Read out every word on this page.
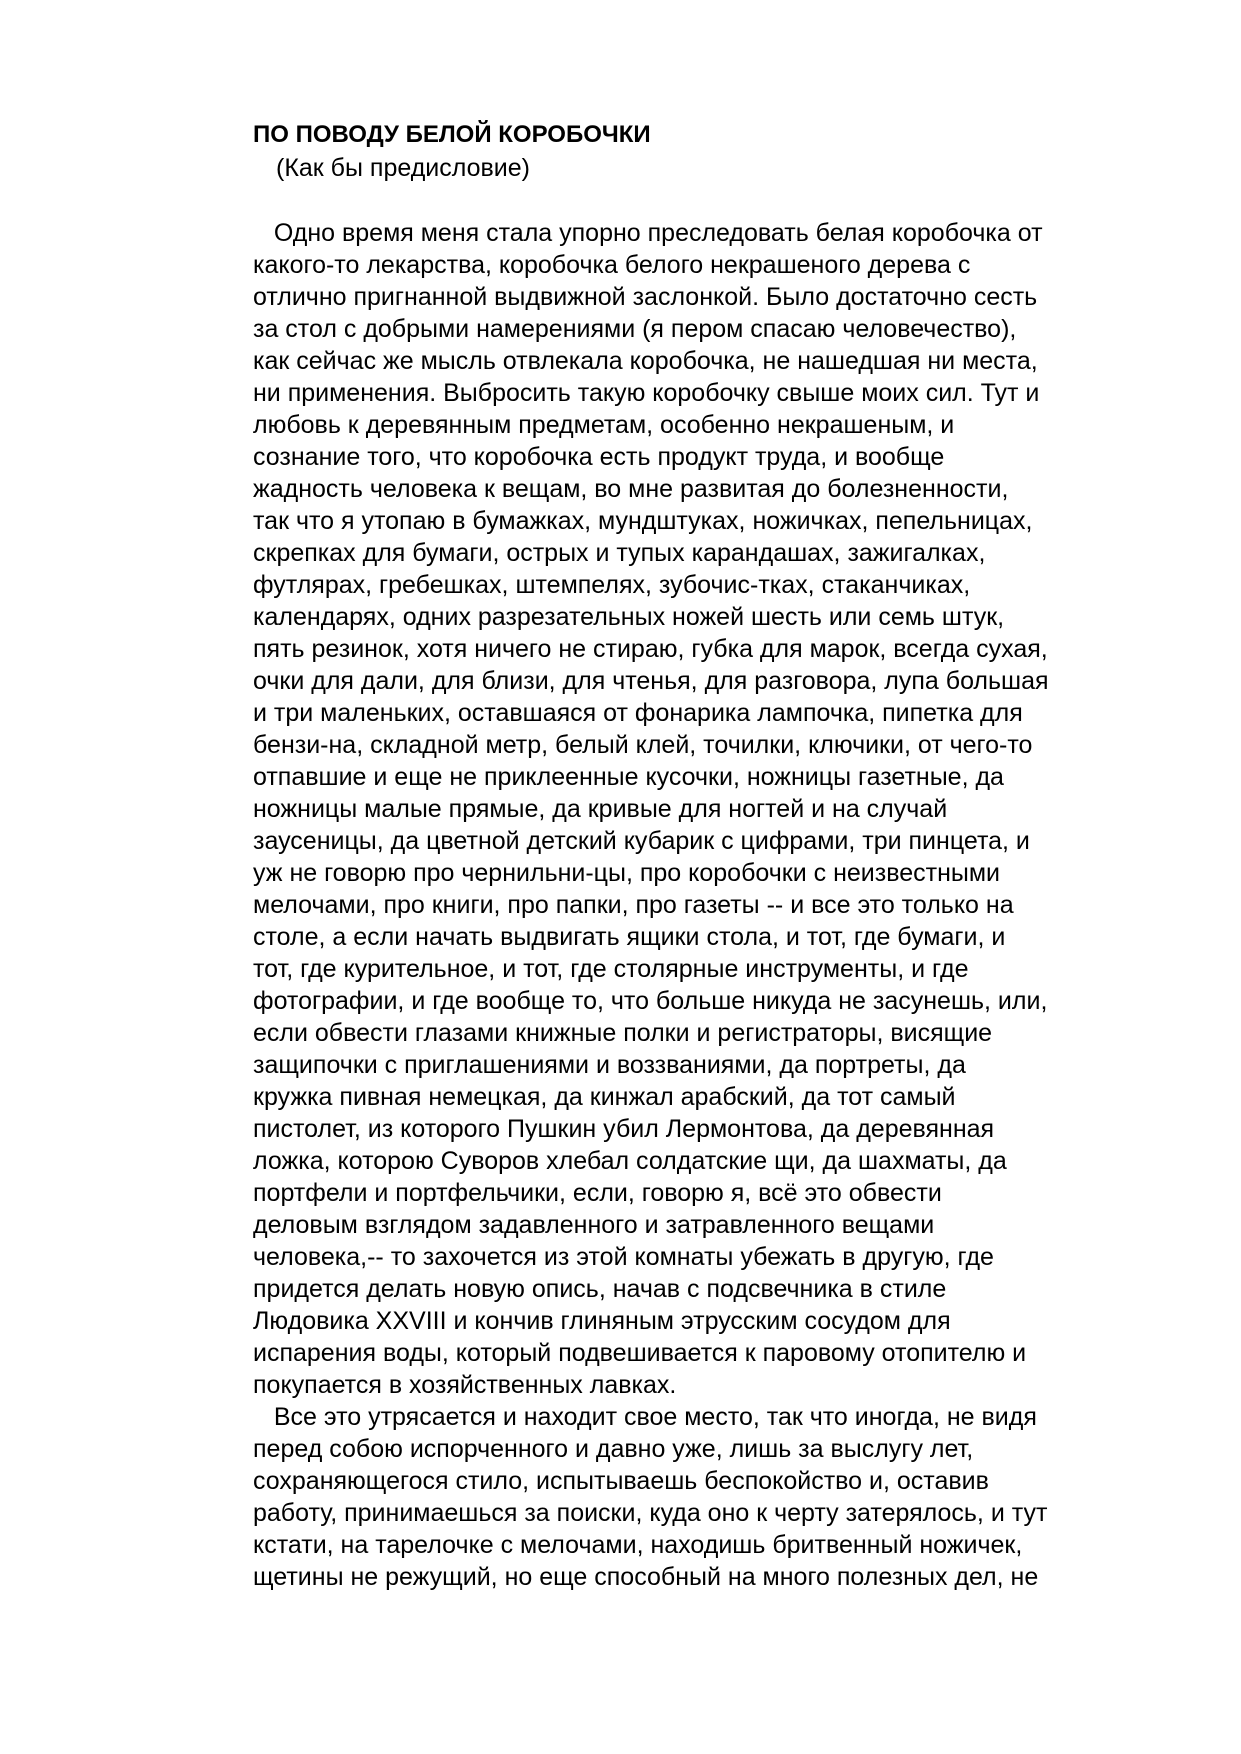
ПО ПОВОДУ БЕЛОЙ КОРОБОЧКИ
(Как бы предисловие)
Одно время меня стала упорно преследовать белая коробочка от
какого-то лекарства, коробочка белого некрашеного дерева с
отлично пригнанной выдвижной заслонкой. Было достаточно сесть
за стол с добрыми намерениями (я пером спасаю человечество),
как сейчас же мысль отвлекала коробочка, не нашедшая ни места,
ни применения. Выбросить такую коробочку свыше моих сил. Тут и
любовь к деревянным предметам, особенно некрашеным, и
сознание того, что коробочка есть продукт труда, и вообще
жадность человека к вещам, во мне развитая до болезненности,
так что я утопаю в бумажках, мундштуках, ножичках, пепельницах,
скрепках для бумаги, острых и тупых карандашах, зажигалках,
футлярах, гребешках, штемпелях, зубочис-тках, стаканчиках,
календарях, одних разрезательных ножей шесть или семь штук,
пять резинок, хотя ничего не стираю, губка для марок, всегда сухая,
очки для дали, для близи, для чтенья, для разговора, лупа большая
и три маленьких, оставшаяся от фонарика лампочка, пипетка для
бензи-на, складной метр, белый клей, точилки, ключики, от чего-то
отпавшие и еще не приклеенные кусочки, ножницы газетные, да
ножницы малые прямые, да кривые для ногтей и на случай
заусеницы, да цветной детский кубарик с цифрами, три пинцета, и
уж не говорю про чернильни-цы, про коробочки с неизвестными
мелочами, про книги, про папки, про газеты -- и все это только на
столе, а если начать выдвигать ящики стола, и тот, где бумаги, и
тот, где курительное, и тот, где столярные инструменты, и где
фотографии, и где вообще то, что больше никуда не засунешь, или,
если обвести глазами книжные полки и регистраторы, висящие
защипочки с приглашениями и воззваниями, да портреты, да
кружка пивная немецкая, да кинжал арабский, да тот самый
пистолет, из которого Пушкин убил Лермонтова, да деревянная
ложка, которою Суворов хлебал солдатские щи, да шахматы, да
портфели и портфельчики, если, говорю я, всё это обвести
деловым взглядом задавленного и затравленного вещами
человека,-- то захочется из этой комнаты убежать в другую, где
придется делать новую опись, начав с подсвечника в стиле
Людовика XXVIII и кончив глиняным этрусским сосудом для
испарения воды, который подвешивается к паровому отопителю и
покупается в хозяйственных лавках.
Все это утрясается и находит свое место, так что иногда, не видя
перед собою испорченного и давно уже, лишь за выслугу лет,
сохраняющегося стило, испытываешь беспокойство и, оставив
работу, принимаешься за поиски, куда оно к черту затерялось, и тут
кстати, на тарелочке с мелочами, находишь бритвенный ножичек,
щетины не режущий, но еще способный на много полезных дел, не
